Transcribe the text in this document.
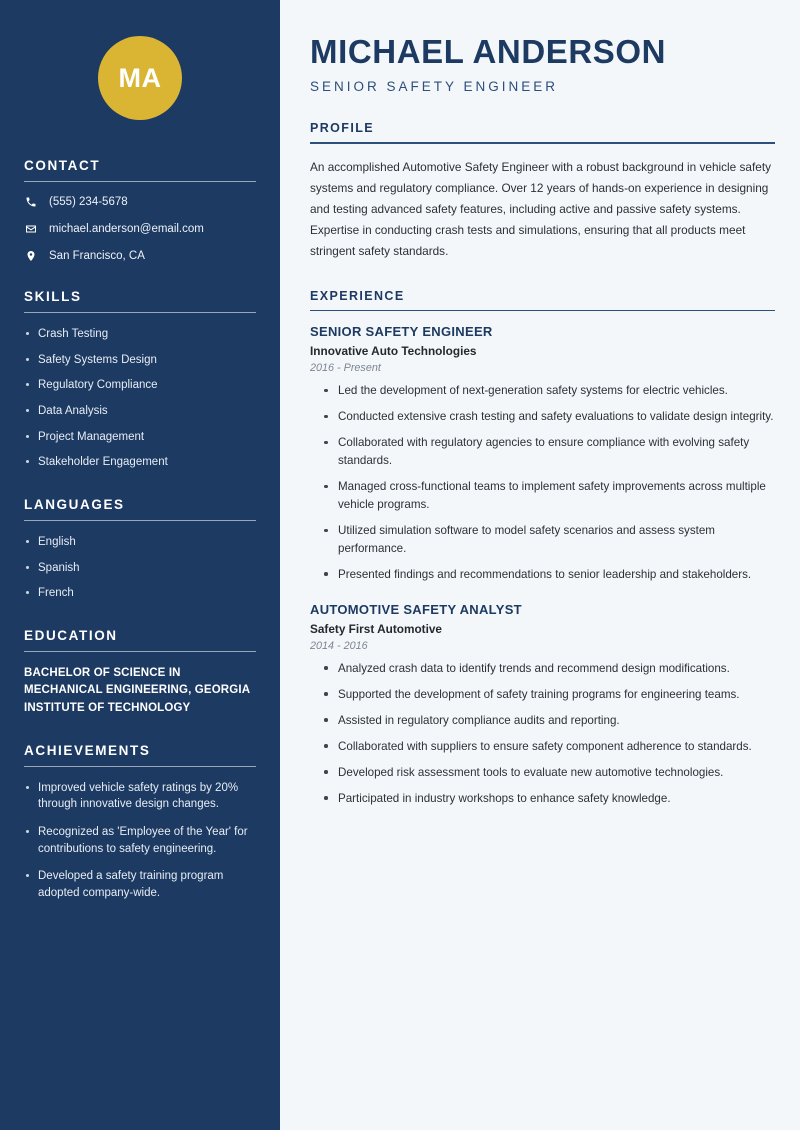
MA
CONTACT
(555) 234-5678
michael.anderson@email.com
San Francisco, CA
SKILLS
Crash Testing
Safety Systems Design
Regulatory Compliance
Data Analysis
Project Management
Stakeholder Engagement
LANGUAGES
English
Spanish
French
EDUCATION
BACHELOR OF SCIENCE IN MECHANICAL ENGINEERING, GEORGIA INSTITUTE OF TECHNOLOGY
ACHIEVEMENTS
Improved vehicle safety ratings by 20% through innovative design changes.
Recognized as 'Employee of the Year' for contributions to safety engineering.
Developed a safety training program adopted company-wide.
MICHAEL ANDERSON
SENIOR SAFETY ENGINEER
PROFILE

An accomplished Automotive Safety Engineer with a robust background in vehicle safety systems and regulatory compliance. Over 12 years of hands-on experience in designing and testing advanced safety features, including active and passive safety systems. Expertise in conducting crash tests and simulations, ensuring that all products meet stringent safety standards.

EXPERIENCE
SENIOR SAFETY ENGINEER
Innovative Auto Technologies
2016 - Present
Led the development of next-generation safety systems for electric vehicles.
Conducted extensive crash testing and safety evaluations to validate design integrity.
Collaborated with regulatory agencies to ensure compliance with evolving safety standards.
Managed cross-functional teams to implement safety improvements across multiple vehicle programs.
Utilized simulation software to model safety scenarios and assess system performance.
Presented findings and recommendations to senior leadership and stakeholders.
AUTOMOTIVE SAFETY ANALYST
Safety First Automotive
2014 - 2016
Analyzed crash data to identify trends and recommend design modifications.
Supported the development of safety training programs for engineering teams.
Assisted in regulatory compliance audits and reporting.
Collaborated with suppliers to ensure safety component adherence to standards.
Developed risk assessment tools to evaluate new automotive technologies.
Participated in industry workshops to enhance safety knowledge.
